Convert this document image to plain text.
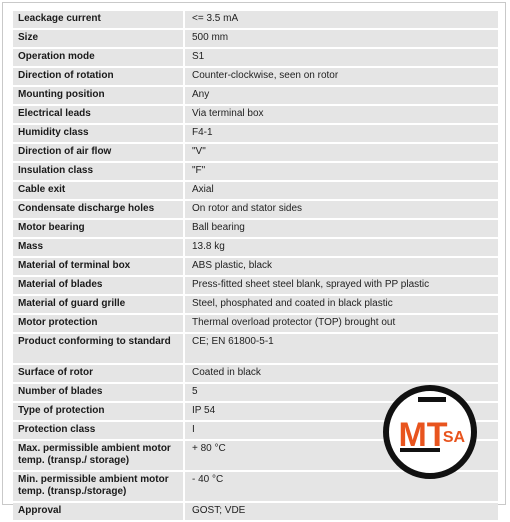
Leackage current	<= 3.5 mA
Size	500 mm
Operation mode	S1
Direction of rotation	Counter-clockwise, seen on rotor
Mounting position	Any
Electrical leads	Via terminal box
Humidity class	F4-1
Direction of air flow	"V"
Insulation class	"F"
Cable exit	Axial
Condensate discharge holes	On rotor and stator sides
Motor bearing	Ball bearing
Mass	13.8 kg
Material of terminal box	ABS plastic, black
Material of blades	Press-fitted sheet steel blank, sprayed with PP plastic
Material of guard grille	Steel, phosphated and coated in black plastic
Motor protection	Thermal overload protector (TOP) brought out
Product conforming to standard	CE; EN 61800-5-1
Surface of rotor	Coated in black
Number of blades	5
Type of protection	IP 54
Protection class	I
Max. permissible ambient motor temp. (transp./ storage)	+ 80 °C
Min. permissible ambient motor temp. (transp./storage)	- 40 °C
Approval	GOST; VDE
MT
SA
